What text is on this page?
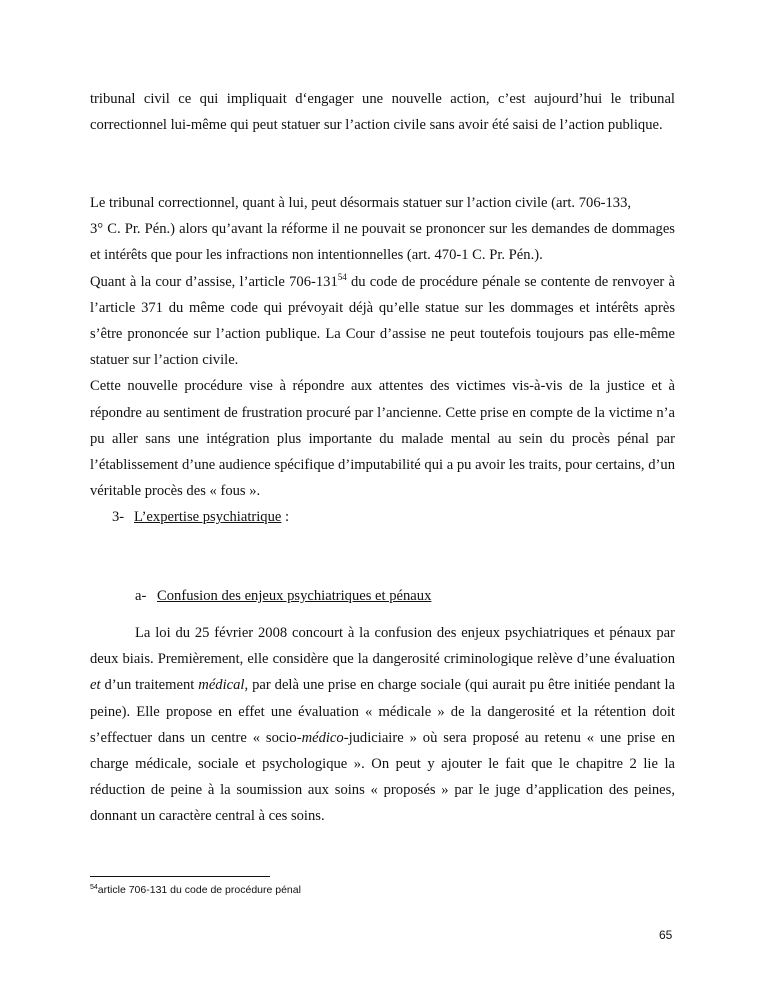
tribunal civil ce qui impliquait d‘engager une nouvelle action, c’est aujourd’hui le tribunal correctionnel lui-même qui peut statuer sur l’action civile sans avoir été saisi de l’action publique.

Le tribunal correctionnel, quant à lui, peut désormais statuer sur l’action civile (art. 706-133,
3° C. Pr. Pén.) alors qu’avant la réforme il ne pouvait se prononcer sur les demandes de dommages et intérêts que pour les infractions non intentionnelles (art. 470-1 C. Pr. Pén.).
Quant à la cour d’assise, l’article $706-131^{54}$ du code de procédure pénale se contente de renvoyer à l’article 371 du même code qui prévoyait déjà qu’elle statue sur les dommages et intérêts après s’être prononcée sur l’action publique. La Cour d’assise ne peut toutefois toujours pas elle-même statuer sur l’action civile.
Cette nouvelle procédure vise à répondre aux attentes des victimes vis-à-vis de la justice et à répondre au sentiment de frustration procuré par l’ancienne. Cette prise en compte de la victime n’a pu aller sans une intégration plus importante du malade mental au sein du procès pénal par l’établissement d’une audience spécifique d’imputabilité qui a pu avoir les traits, pour certains, d’un véritable procès des « fous ».

3- L’expertise psychiatrique :

a- Confusion des enjeux psychiatriques et pénaux

La loi du 25 février 2008 concourt à la confusion des enjeux psychiatriques et pénaux par deux biais. Premièrement, elle considère que la dangerosité criminologique relève d’une évaluation et d’un traitement médical, par delà une prise en charge sociale (qui aurait pu être initiée pendant la peine). Elle propose en effet une évaluation « médicale » de la dangerosité et la rétention doit s’effectuer dans un centre « socio-médico-judiciaire » où sera proposé au retenu « une prise en charge médicale, sociale et psychologique ». On peut y ajouter le fait que le chapitre 2 lie la réduction de peine à la soumission aux soins « proposés » par le juge d’application des peines, donnant un caractère central à ces soins.

$^{54}$article 706-131 du code de procédure pénal
65
